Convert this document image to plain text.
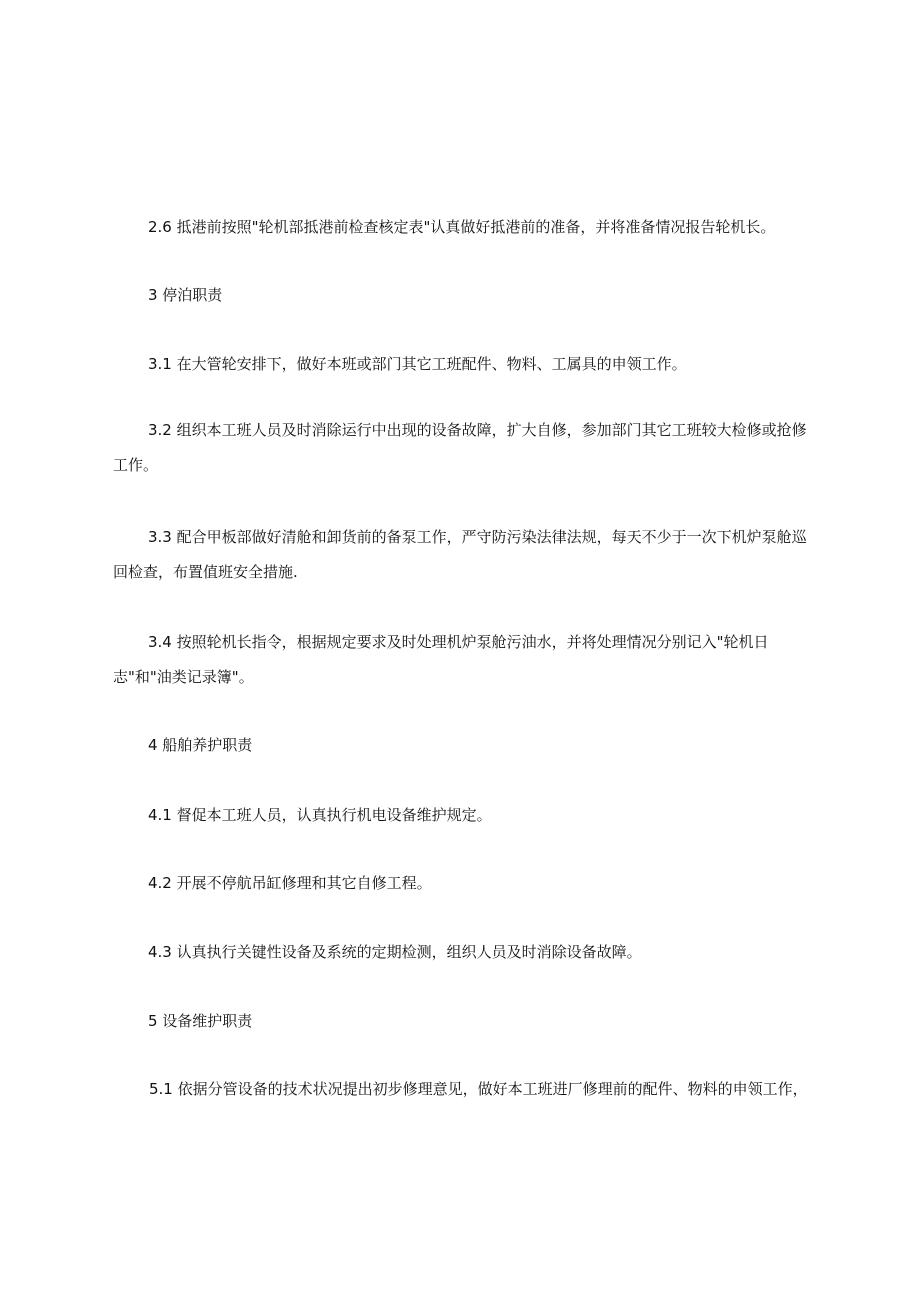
2.6 抵港前按照"轮机部抵港前检查核定表"认真做好抵港前的准备，并将准备情况报告轮机长。

3 停泊职责

3.1 在大管轮安排下，做好本班或部门其它工班配件、物料、工属具的申领工作。

3.2 组织本工班人员及时消除运行中出现的设备故障，扩大自修，参加部门其它工班较大检修或抢修工作。

3.3 配合甲板部做好清舱和卸货前的备泵工作，严守防污染法律法规，每天不少于一次下机炉泵舱巡回检查，布置值班安全措施.

3.4 按照轮机长指令，根据规定要求及时处理机炉泵舱污油水，并将处理情况分别记入"轮机日志"和"油类记录簿"。

4 船舶养护职责

4.1 督促本工班人员，认真执行机电设备维护规定。

4.2 开展不停航吊缸修理和其它自修工程。

4.3 认真执行关键性设备及系统的定期检测，组织人员及时消除设备故障。

5 设备维护职责

5.1 依据分管设备的技术状况提出初步修理意见，做好本工班进厂修理前的配件、物料的申领工作，
